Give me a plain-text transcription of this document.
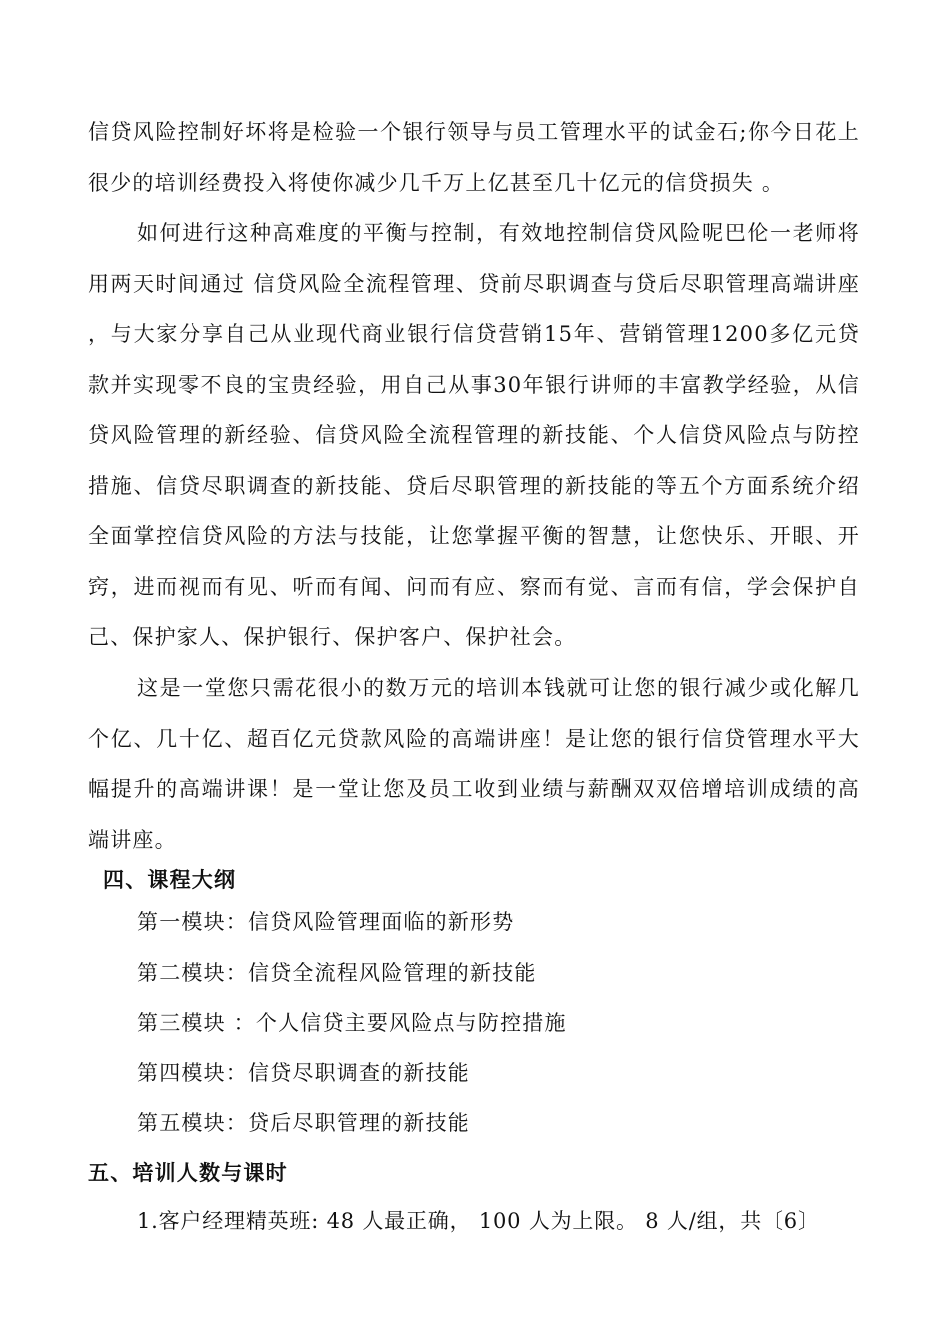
信贷风险控制好坏将是检验一个银行领导与员工管理水平的试金石;你今日花上很少的培训经费投入将使你减少几千万上亿甚至几十亿元的信贷损失 。

如何进行这种高难度的平衡与控制，有效地控制信贷风险呢巴伦一老师将用两天时间通过 信贷风险全流程管理、贷前尽职调查与贷后尽职管理高端讲座 ，与大家分享自己从业现代商业银行信贷营销15年、营销管理1200多亿元贷款并实现零不良的宝贵经验，用自己从事30年银行讲师的丰富教学经验，从信贷风险管理的新经验、信贷风险全流程管理的新技能、个人信贷风险点与防控措施、信贷尽职调查的新技能、贷后尽职管理的新技能的等五个方面系统介绍全面掌控信贷风险的方法与技能，让您掌握平衡的智慧，让您快乐、开眼、开窍，进而视而有见、听而有闻、问而有应、察而有觉、言而有信，学会保护自己、保护家人、保护银行、保护客户、保护社会。

这是一堂您只需花很小的数万元的培训本钱就可让您的银行减少或化解几个亿、几十亿、超百亿元贷款风险的高端讲座！是让您的银行信贷管理水平大幅提升的高端讲课！是一堂让您及员工收到业绩与薪酬双双倍增培训成绩的高端讲座。

四、课程大纲

第一模块：信贷风险管理面临的新形势

第二模块：信贷全流程风险管理的新技能

第三模块 ：个人信贷主要风险点与防控措施

第四模块：信贷尽职调查的新技能

第五模块：贷后尽职管理的新技能

五、培训人数与课时

1.客户经理精英班: 48 人最正确， 100 人为上限。 8 人/组，共〔6〕
